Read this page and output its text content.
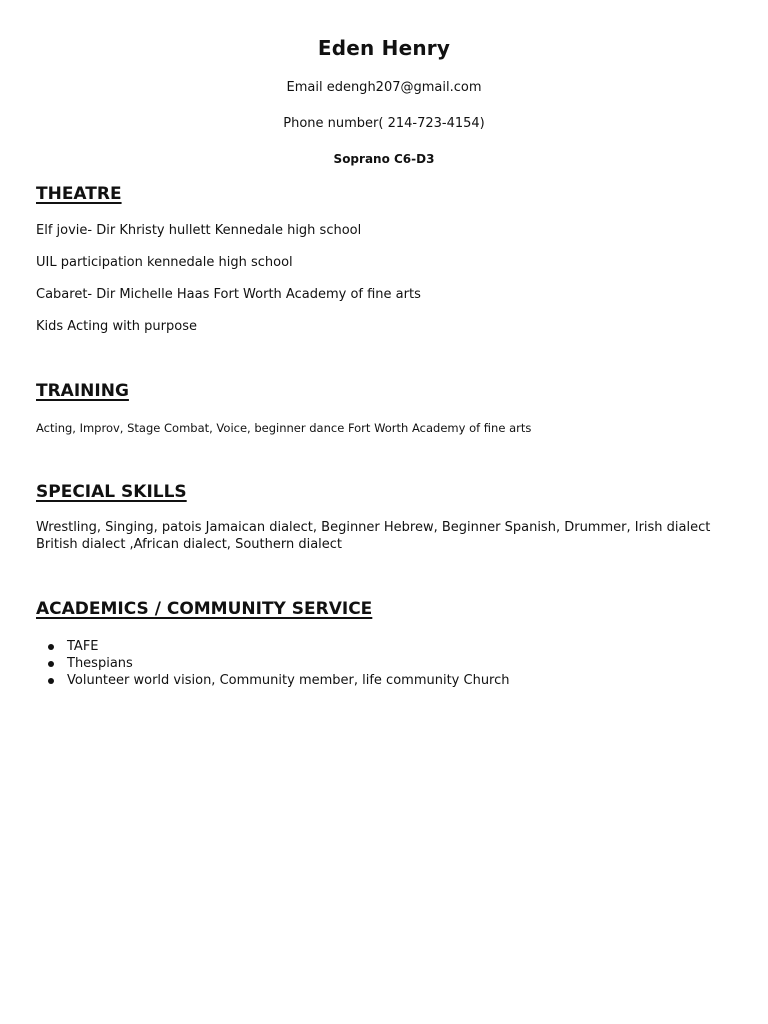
Eden Henry
Email edengh207@gmail.com
Phone number( 214-723-4154)
Soprano C6-D3
THEATRE
Elf jovie- Dir Khristy hullett Kennedale high school
UIL participation kennedale high school
Cabaret- Dir Michelle Haas Fort Worth Academy of fine arts
Kids Acting with purpose
TRAINING
Acting, Improv, Stage Combat, Voice, beginner dance Fort Worth Academy of fine arts
SPECIAL SKILLS
Wrestling, Singing, patois Jamaican dialect, Beginner Hebrew, Beginner Spanish, Drummer, Irish dialect British dialect ,African dialect, Southern dialect
ACADEMICS / COMMUNITY SERVICE
TAFE
Thespians
Volunteer world vision, Community member, life community Church
